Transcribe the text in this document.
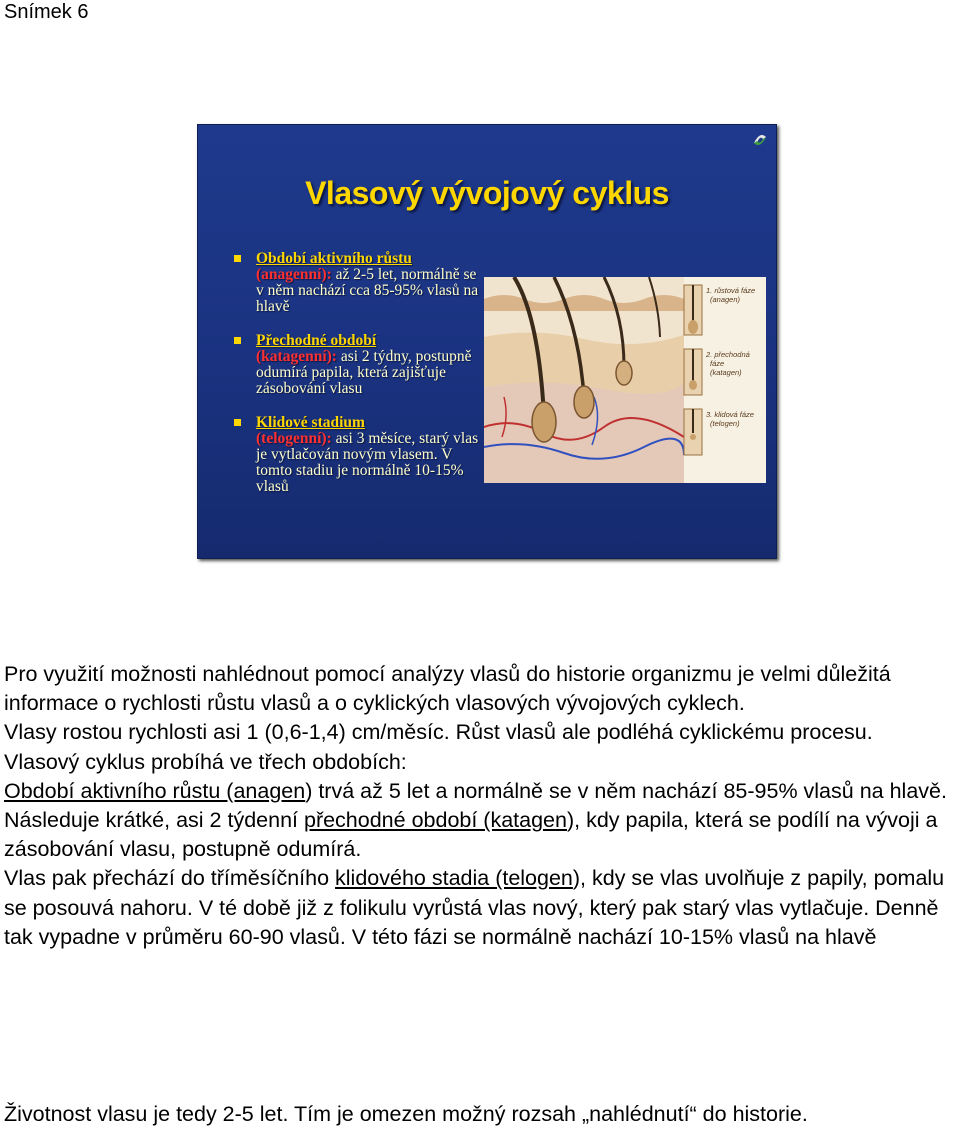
Snímek 6
Vlasový vývojový cyklus
Období aktivního růstu
(anagenní): až 2-5 let, normálně se v něm nachází cca 85-95% vlasů na hlavě
Přechodné období
(katagenní): asi 2 týdny, postupně odumírá papila, která zajišťuje zásobování vlasu
Klidové stadium
(telogenní): asi 3 měsíce, starý vlas je vytlačován novým vlasem. V tomto stadiu je normálně 10-15% vlasů
1. růstová fáze
(anagen)
2. přechodná
fáze
(katagen)
3. klidová fáze
(telogen)

Pro využití možnosti nahlédnout pomocí analýzy vlasů do historie organizmu je velmi důležitá informace o rychlosti růstu vlasů a o cyklických vlasových vývojových cyklech.

Vlasy rostou rychlosti asi 1 (0,6-1,4) cm/měsíc. Růst vlasů ale podléhá cyklickému procesu.

Vlasový cyklus probíhá ve třech obdobích:

Období aktivního růstu (anagen) trvá až 5 let a normálně se v něm nachází 85-95% vlasů na hlavě.

Následuje krátké, asi 2 týdenní přechodné období (katagen), kdy papila, která se podílí na vývoji a zásobování vlasu, postupně odumírá.

Vlas pak přechází do tříměsíčního klidového stadia (telogen), kdy se vlas uvolňuje z papily, pomalu se posouvá nahoru. V té době již z folikulu vyrůstá vlas nový, který pak starý vlas vytlačuje. Denně tak vypadne v průměru 60-90 vlasů. V této fázi se normálně nachází 10-15% vlasů na hlavě

Životnost vlasu je tedy 2-5 let. Tím je omezen možný rozsah „nahlédnutí“ do historie.
